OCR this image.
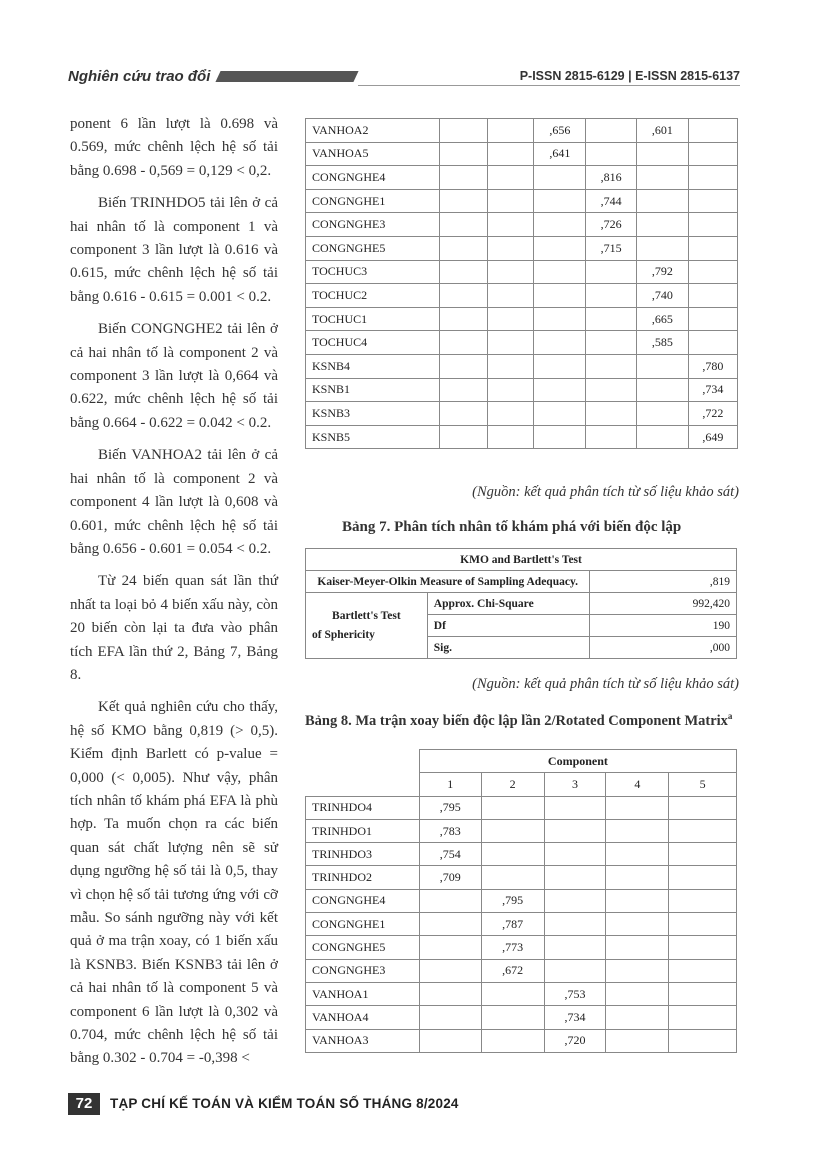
Nghiên cứu trao đổi	P-ISSN 2815-6129 | E-ISSN 2815-6137

ponent 6 lần lượt là 0.698 và 0.569, mức chênh lệch hệ số tải bằng 0.698 - 0,569 = 0,129 < 0,2.

Biến TRINHDO5 tải lên ở cả hai nhân tố là component 1 và component 3 lần lượt là 0.616 và 0.615, mức chênh lệch hệ số tải bằng 0.616 - 0.615 = 0.001 < 0.2.

Biến CONGNGHE2 tải lên ở cả hai nhân tố là component 2 và component 3 lần lượt là 0,664 và 0.622, mức chênh lệch hệ số tải bằng 0.664 - 0.622 = 0.042 < 0.2.

Biến VANHOA2 tải lên ở cả hai nhân tố là component 2 và component 4 lần lượt là 0,608 và 0.601, mức chênh lệch hệ số tải bằng 0.656 - 0.601 = 0.054 < 0.2.

Từ 24 biến quan sát lần thứ nhất ta loại bỏ 4 biến xấu này, còn 20 biến còn lại ta đưa vào phân tích EFA lần thứ 2, Bảng 7, Bảng 8.

Kết quả nghiên cứu cho thấy, hệ số KMO bằng 0,819 (> 0,5). Kiểm định Barlett có p-value = 0,000 (< 0,005). Như vậy, phân tích nhân tố khám phá EFA là phù hợp. Ta muốn chọn ra các biến quan sát chất lượng nên sẽ sử dụng ngưỡng hệ số tải là 0,5, thay vì chọn hệ số tải tương ứng với cỡ mẫu. So sánh ngưỡng này với kết quả ở ma trận xoay, có 1 biến xấu là KSNB3. Biến KSNB3 tải lên ở cả hai nhân tố là component 5 và component 6 lần lượt là 0,302 và 0.704, mức chênh lệch hệ số tải bằng 0.302 - 0.704 = -0,398 <

VANHOA2			,656		,601	
VANHOA5			,641			
CONGNGHE4				,816		
CONGNGHE1				,744		
CONGNGHE3				,726		
CONGNGHE5				,715		
TOCHUC3					,792	
TOCHUC2					,740	
TOCHUC1					,665	
TOCHUC4					,585	
KSNB4						,780
KSNB1						,734
KSNB3						,722
KSNB5						,649
(Nguồn: kết quả phân tích từ số liệu khảo sát)
Bảng 7. Phân tích nhân tố khám phá với biến độc lập
KMO and Bartlett's Test		
Kaiser-Meyer-Olkin Measure of Sampling Adequacy.		,819

Bartlett's Test
of Sphericity	Approx. Chi-Square	992,420
	Df	190
	Sig.	,000
(Nguồn: kết quả phân tích từ số liệu khảo sát)
Bảng 8. Ma trận xoay biến độc lập lần 2/Rotated Component Matrix$^a$
	Component				
	1	2	3	4	5
TRINHDO4	,795				
TRINHDO1	,783				
TRINHDO3	,754				
TRINHDO2	,709				
CONGNGHE4		,795			
CONGNGHE1		,787			
CONGNGHE5		,773			
CONGNGHE3		,672			
VANHOA1			,753		
VANHOA4			,734		
VANHOA3			,720		
72	TẠP CHÍ KẾ TOÁN VÀ KIỂM TOÁN SỐ THÁNG 8/2024
